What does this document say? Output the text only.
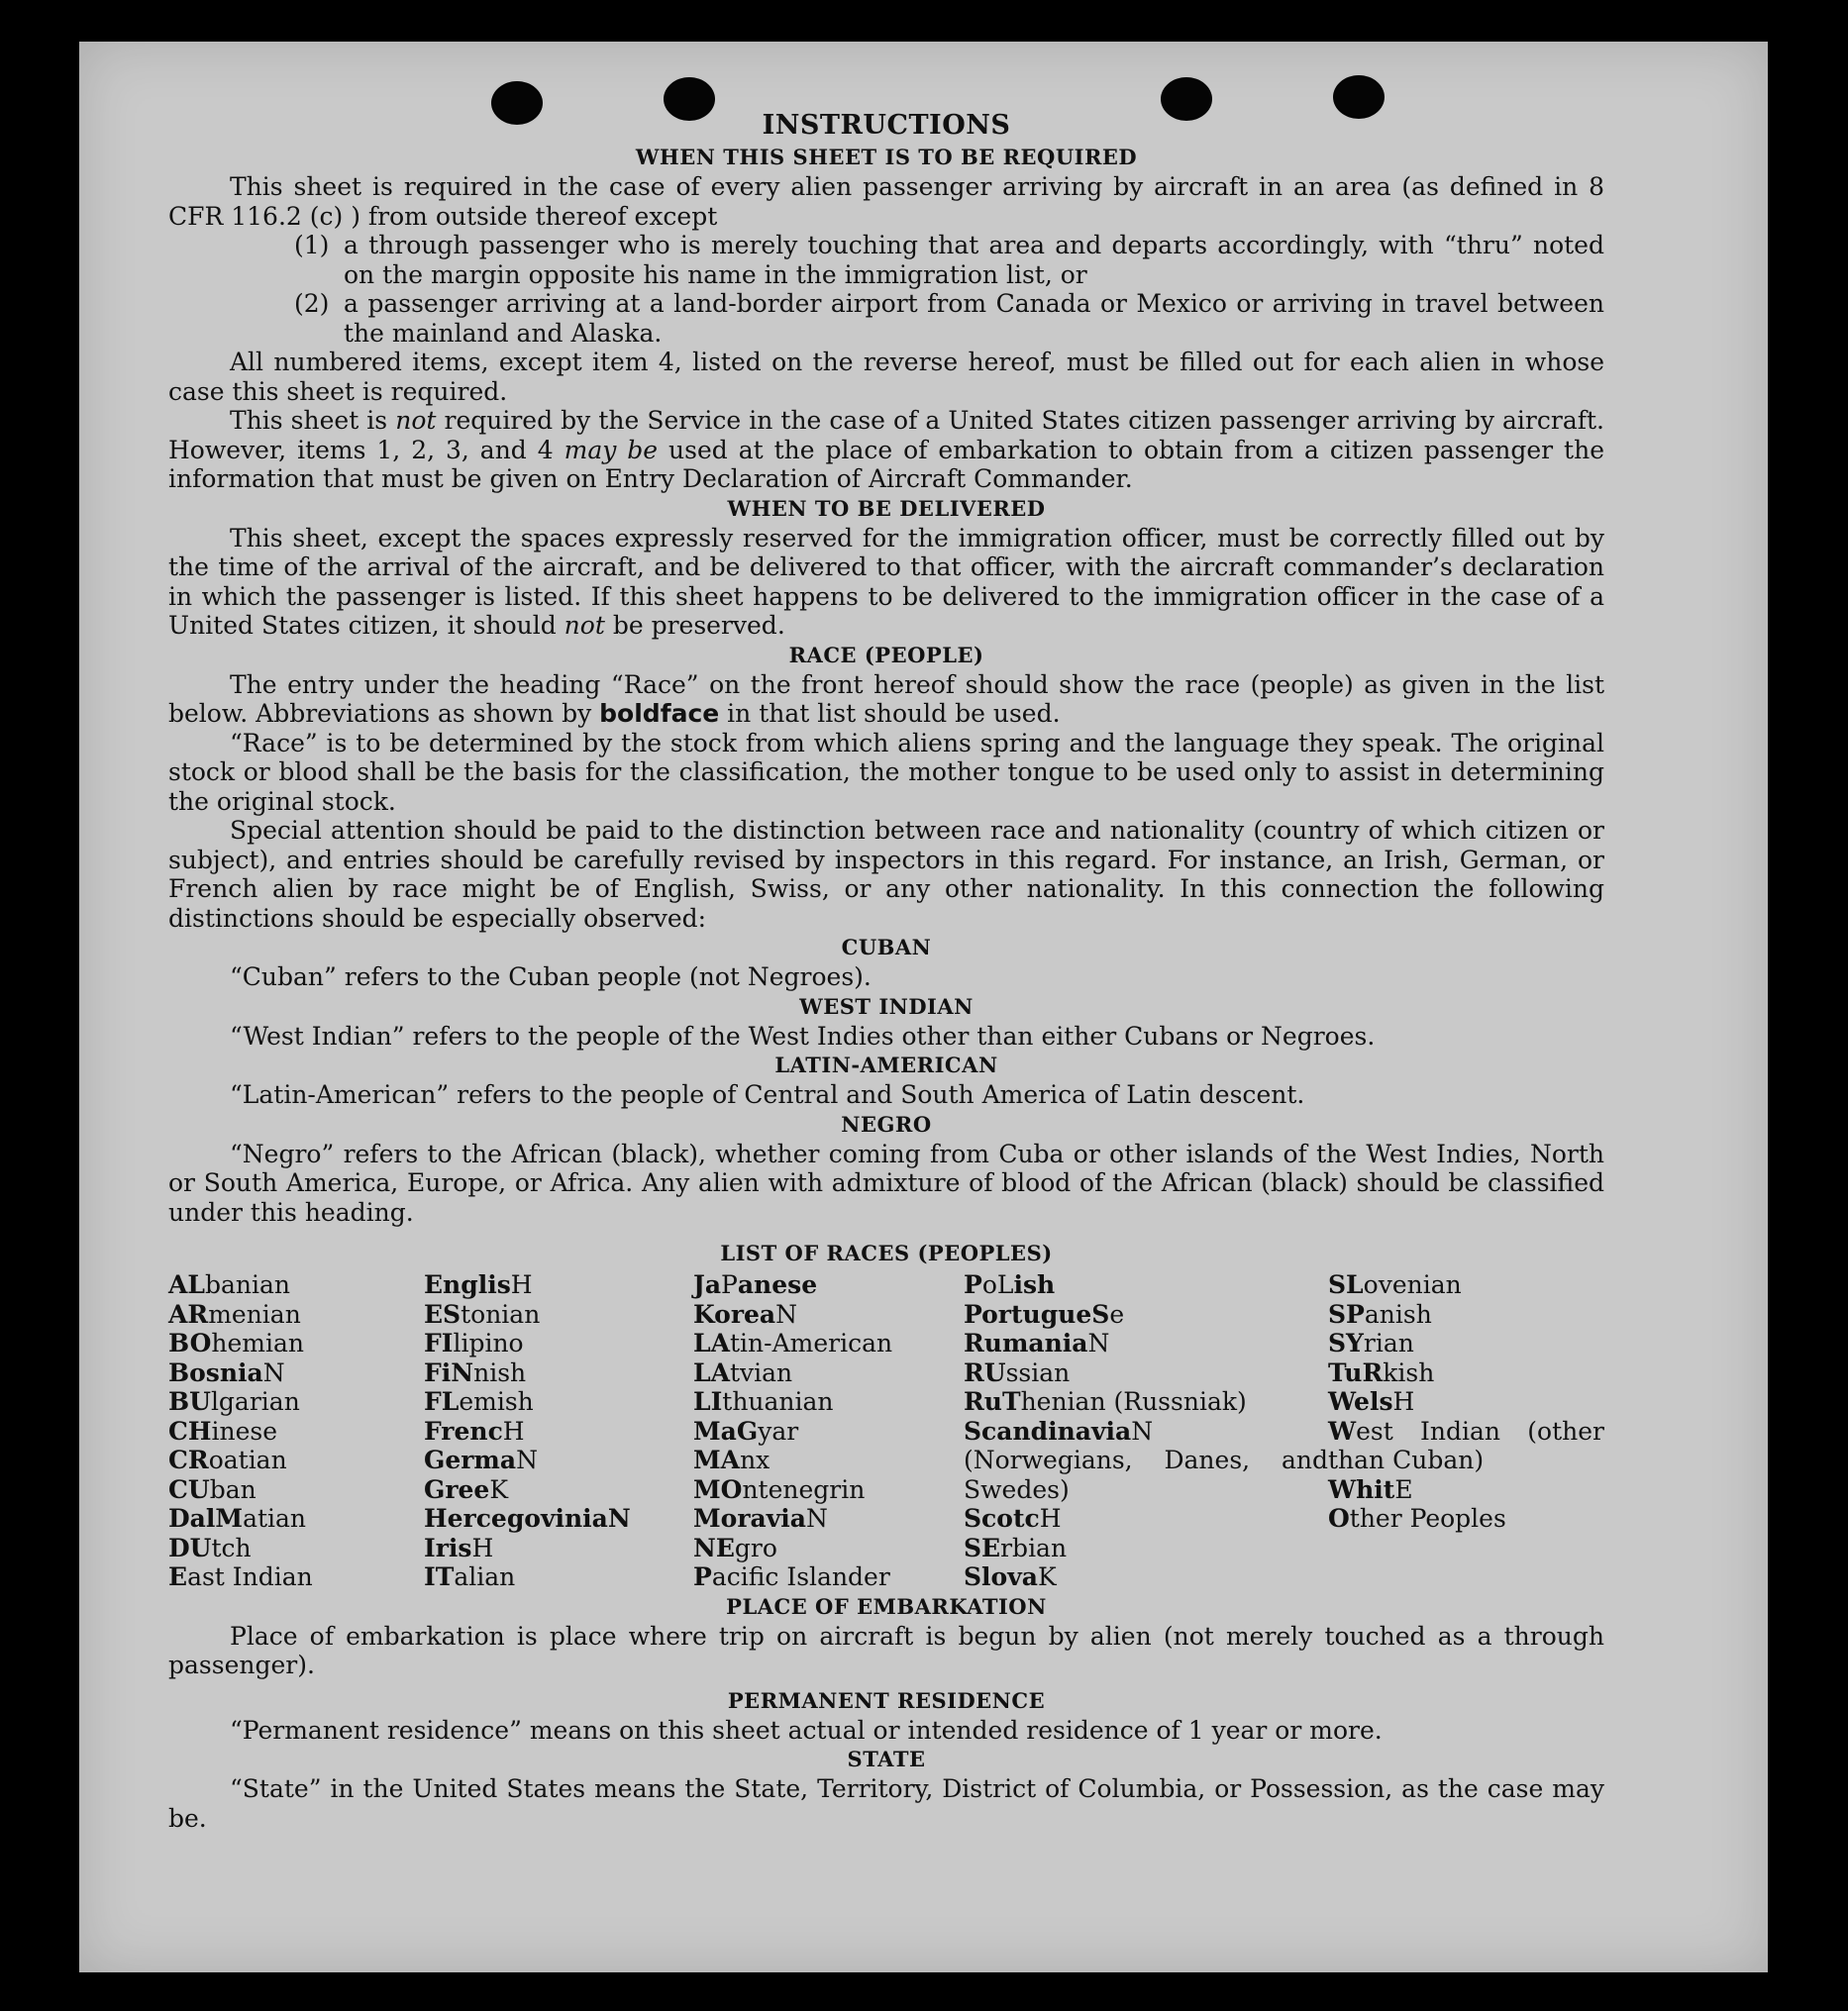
INSTRUCTIONS
WHEN THIS SHEET IS TO BE REQUIRED

This sheet is required in the case of every alien passenger arriving by aircraft in an area (as defined in 8 CFR 116.2 (c) ) from outside thereof except

(1) a through passenger who is merely touching that area and departs accordingly, with “thru” noted on the margin opposite his name in the immigration list, or
(2) a passenger arriving at a land-border airport from Canada or Mexico or arriving in travel between the mainland and Alaska.

All numbered items, except item 4, listed on the reverse hereof, must be filled out for each alien in whose case this sheet is required.

This sheet is not required by the Service in the case of a United States citizen passenger arriving by aircraft. However, items 1, 2, 3, and 4 may be used at the place of embarkation to obtain from a citizen passenger the information that must be given on Entry Declaration of Aircraft Commander.

WHEN TO BE DELIVERED

This sheet, except the spaces expressly reserved for the immigration officer, must be correctly filled out by the time of the arrival of the aircraft, and be delivered to that officer, with the aircraft commander’s declaration in which the passenger is listed. If this sheet happens to be delivered to the immigration officer in the case of a United States citizen, it should not be preserved.

RACE (PEOPLE)

The entry under the heading “Race” on the front hereof should show the race (people) as given in the list below. Abbreviations as shown by boldface in that list should be used.

“Race” is to be determined by the stock from which aliens spring and the language they speak. The original stock or blood shall be the basis for the classification, the mother tongue to be used only to assist in determining the original stock.

Special attention should be paid to the distinction between race and nationality (country of which citizen or subject), and entries should be carefully revised by inspectors in this regard. For instance, an Irish, German, or French alien by race might be of English, Swiss, or any other nationality. In this connection the following distinctions should be especially observed:

CUBAN

“Cuban” refers to the Cuban people (not Negroes).

WEST INDIAN

“West Indian” refers to the people of the West Indies other than either Cubans or Negroes.

LATIN-AMERICAN

“Latin-American” refers to the people of Central and South America of Latin descent.

NEGRO

“Negro” refers to the African (black), whether coming from Cuba or other islands of the West Indies, North or South America, Europe, or Africa. Any alien with admixture of blood of the African (black) should be classified under this heading.

LIST OF RACES (PEOPLES)
ALbanian
ARmenian
BOhemian
BosniaN
BUlgarian
CHinese
CRoatian
CUban
DalMatian
DUtch
East Indian
EnglisH
EStonian
FIlipino
FiNnish
FLemish
FrencH
GermaN
GreeK
HercegoviniaN
IrisH
ITalian
JaPanese
KoreaN
LAtin-American
LAtvian
LIthuanian
MaGyar
MAnx
MOntenegrin
MoraviaN
NEgro
Pacific Islander
PoLish
PortugueSe
RumaniaN
RUssian
RuThenian (Russniak)
ScandinaviaN (Norwegians, Danes, and Swedes)
ScotcH
SErbian
SlovaK
SLovenian
SPanish
SYrian
TuRkish
WelsH
West Indian (other than Cuban)
WhitE
Other Peoples
PLACE OF EMBARKATION

Place of embarkation is place where trip on aircraft is begun by alien (not merely touched as a through passenger).

PERMANENT RESIDENCE

“Permanent residence” means on this sheet actual or intended residence of 1 year or more.

STATE

“State” in the United States means the State, Territory, District of Columbia, or Possession, as the case may be.
